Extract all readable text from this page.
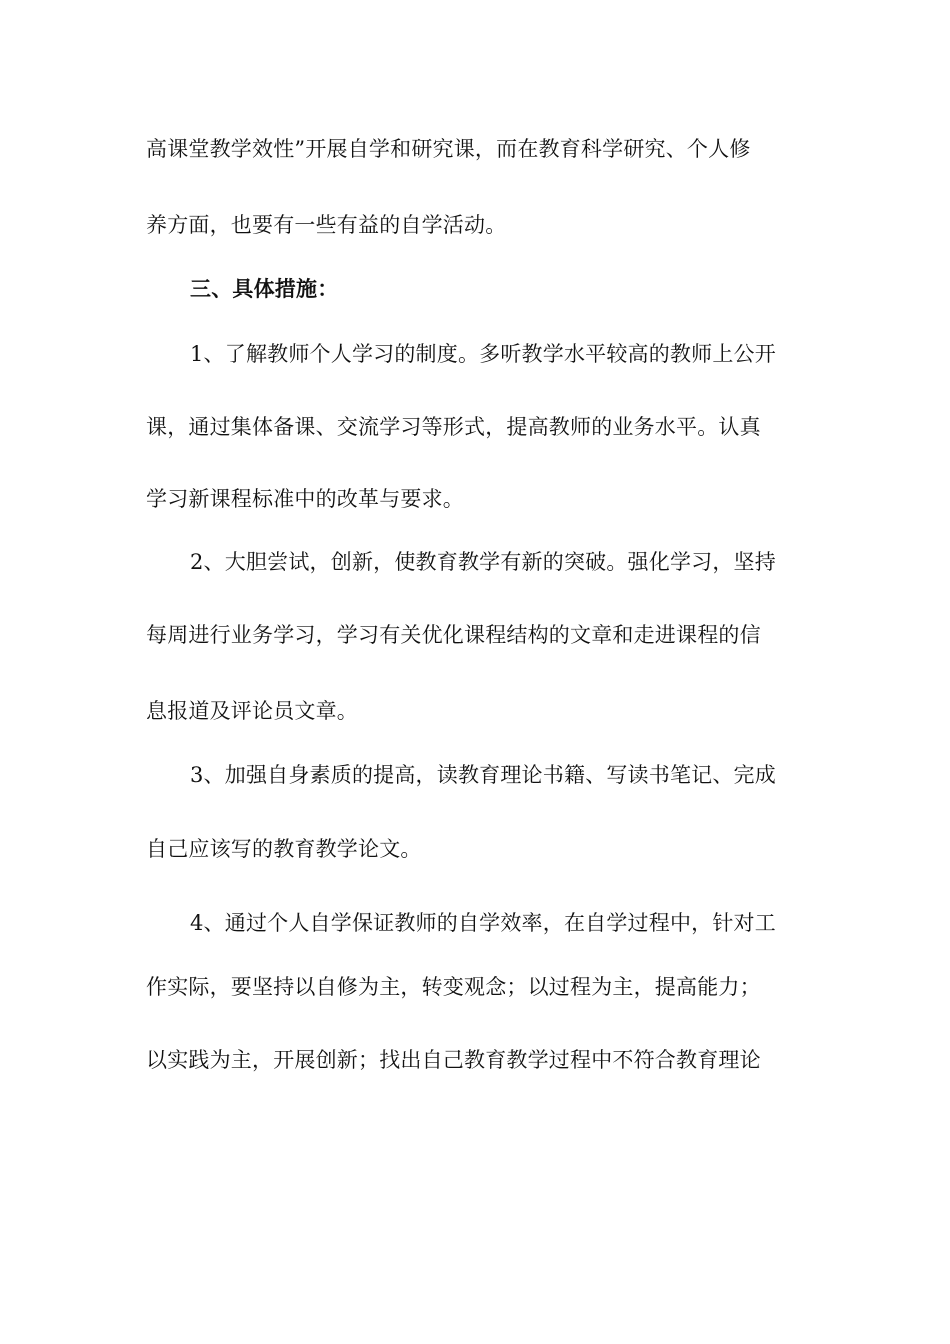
高课堂教学效性”开展自学和研究课，而在教育科学研究、个人修
养方面，也要有一些有益的自学活动。
三、具体措施：
1、了解教师个人学习的制度。多听教学水平较高的教师上公开
课，通过集体备课、交流学习等形式，提高教师的业务水平。认真
学习新课程标准中的改革与要求。
2、大胆尝试，创新，使教育教学有新的突破。强化学习，坚持
每周进行业务学习，学习有关优化课程结构的文章和走进课程的信
息报道及评论员文章。
3、加强自身素质的提高，读教育理论书籍、写读书笔记、完成
自己应该写的教育教学论文。
4、通过个人自学保证教师的自学效率，在自学过程中，针对工
作实际，要坚持以自修为主，转变观念；以过程为主，提高能力；
以实践为主，开展创新；找出自己教育教学过程中不符合教育理论
